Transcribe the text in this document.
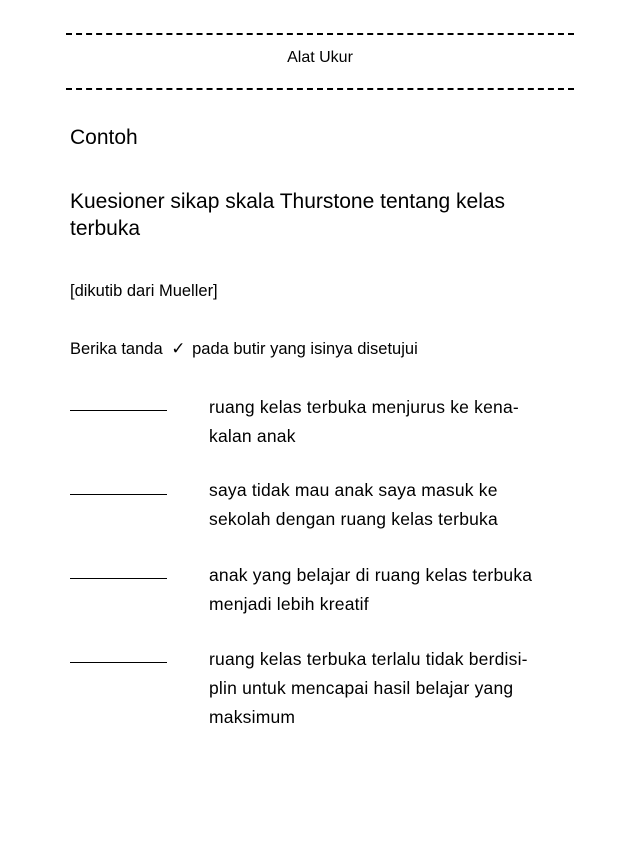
Alat Ukur
Contoh
Kuesioner sikap skala Thurstone tentang kelas
terbuka
[dikutib dari Mueller]
Berika tanda ✓ pada butir yang isinya disetujui
ruang kelas terbuka menjurus ke kena-
kalan anak
saya tidak mau anak saya masuk ke
sekolah dengan ruang kelas terbuka
anak yang belajar di ruang kelas terbuka
menjadi lebih kreatif
ruang kelas terbuka terlalu tidak berdisi-
plin untuk mencapai hasil belajar yang
maksimum
